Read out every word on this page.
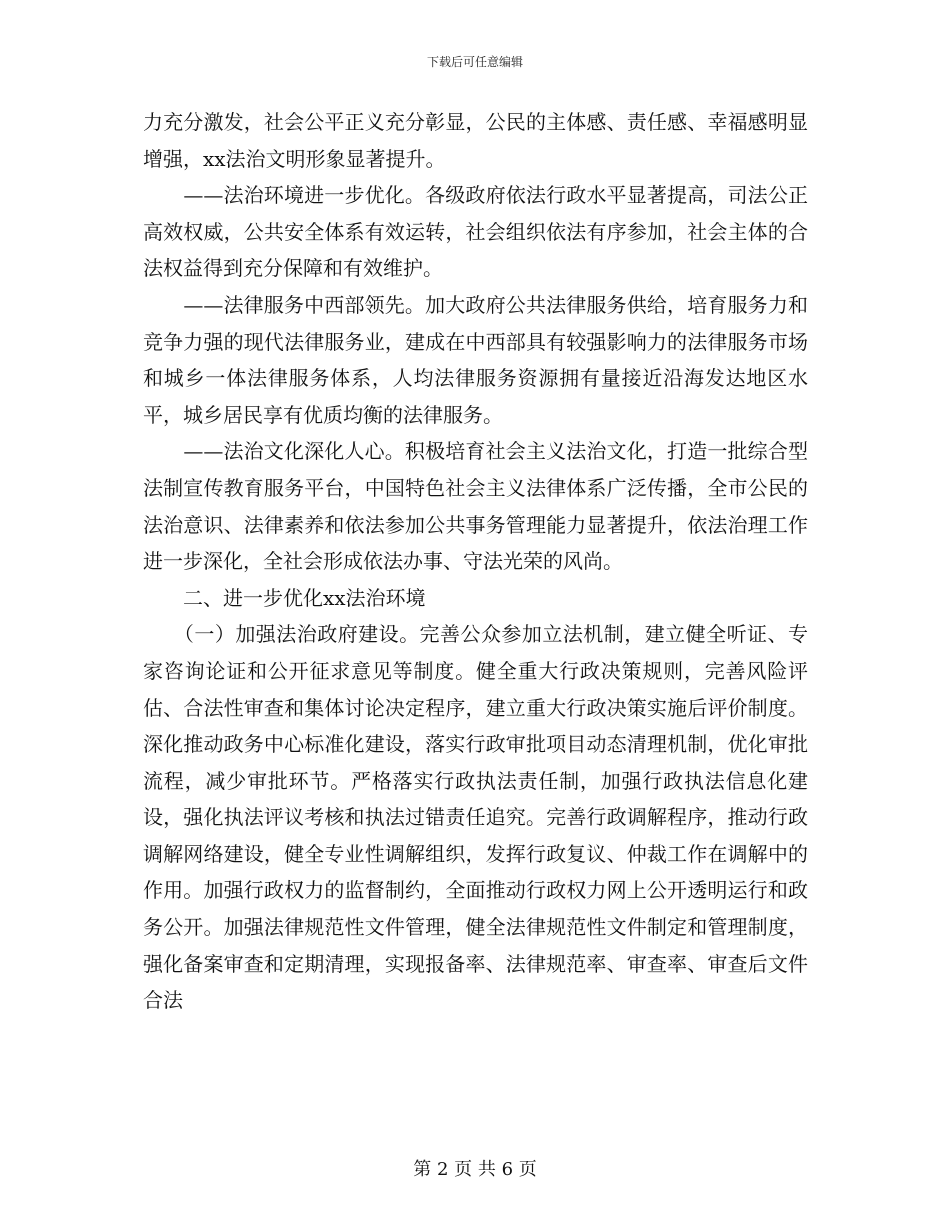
下载后可任意编辑

力充分激发，社会公平正义充分彰显，公民的主体感、责任感、幸福感明显增强，xx法治文明形象显著提升。

　　——法治环境进一步优化。各级政府依法行政水平显著提高，司法公正高效权威，公共安全体系有效运转，社会组织依法有序参加，社会主体的合法权益得到充分保障和有效维护。

　　——法律服务中西部领先。加大政府公共法律服务供给，培育服务力和竞争力强的现代法律服务业，建成在中西部具有较强影响力的法律服务市场和城乡一体法律服务体系，人均法律服务资源拥有量接近沿海发达地区水平，城乡居民享有优质均衡的法律服务。

　　——法治文化深化人心。积极培育社会主义法治文化，打造一批综合型法制宣传教育服务平台，中国特色社会主义法律体系广泛传播，全市公民的法治意识、法律素养和依法参加公共事务管理能力显著提升，依法治理工作进一步深化，全社会形成依法办事、守法光荣的风尚。

　　二、进一步优化xx法治环境

　　（一）加强法治政府建设。完善公众参加立法机制，建立健全听证、专家咨询论证和公开征求意见等制度。健全重大行政决策规则，完善风险评估、合法性审查和集体讨论决定程序，建立重大行政决策实施后评价制度。深化推动政务中心标准化建设，落实行政审批项目动态清理机制，优化审批流程，减少审批环节。严格落实行政执法责任制，加强行政执法信息化建设，强化执法评议考核和执法过错责任追究。完善行政调解程序，推动行政调解网络建设，健全专业性调解组织，发挥行政复议、仲裁工作在调解中的作用。加强行政权力的监督制约，全面推动行政权力网上公开透明运行和政务公开。加强法律规范性文件管理，健全法律规范性文件制定和管理制度，强化备案审查和定期清理，实现报备率、法律规范率、审查率、审查后文件合法

第 2 页 共 6 页
